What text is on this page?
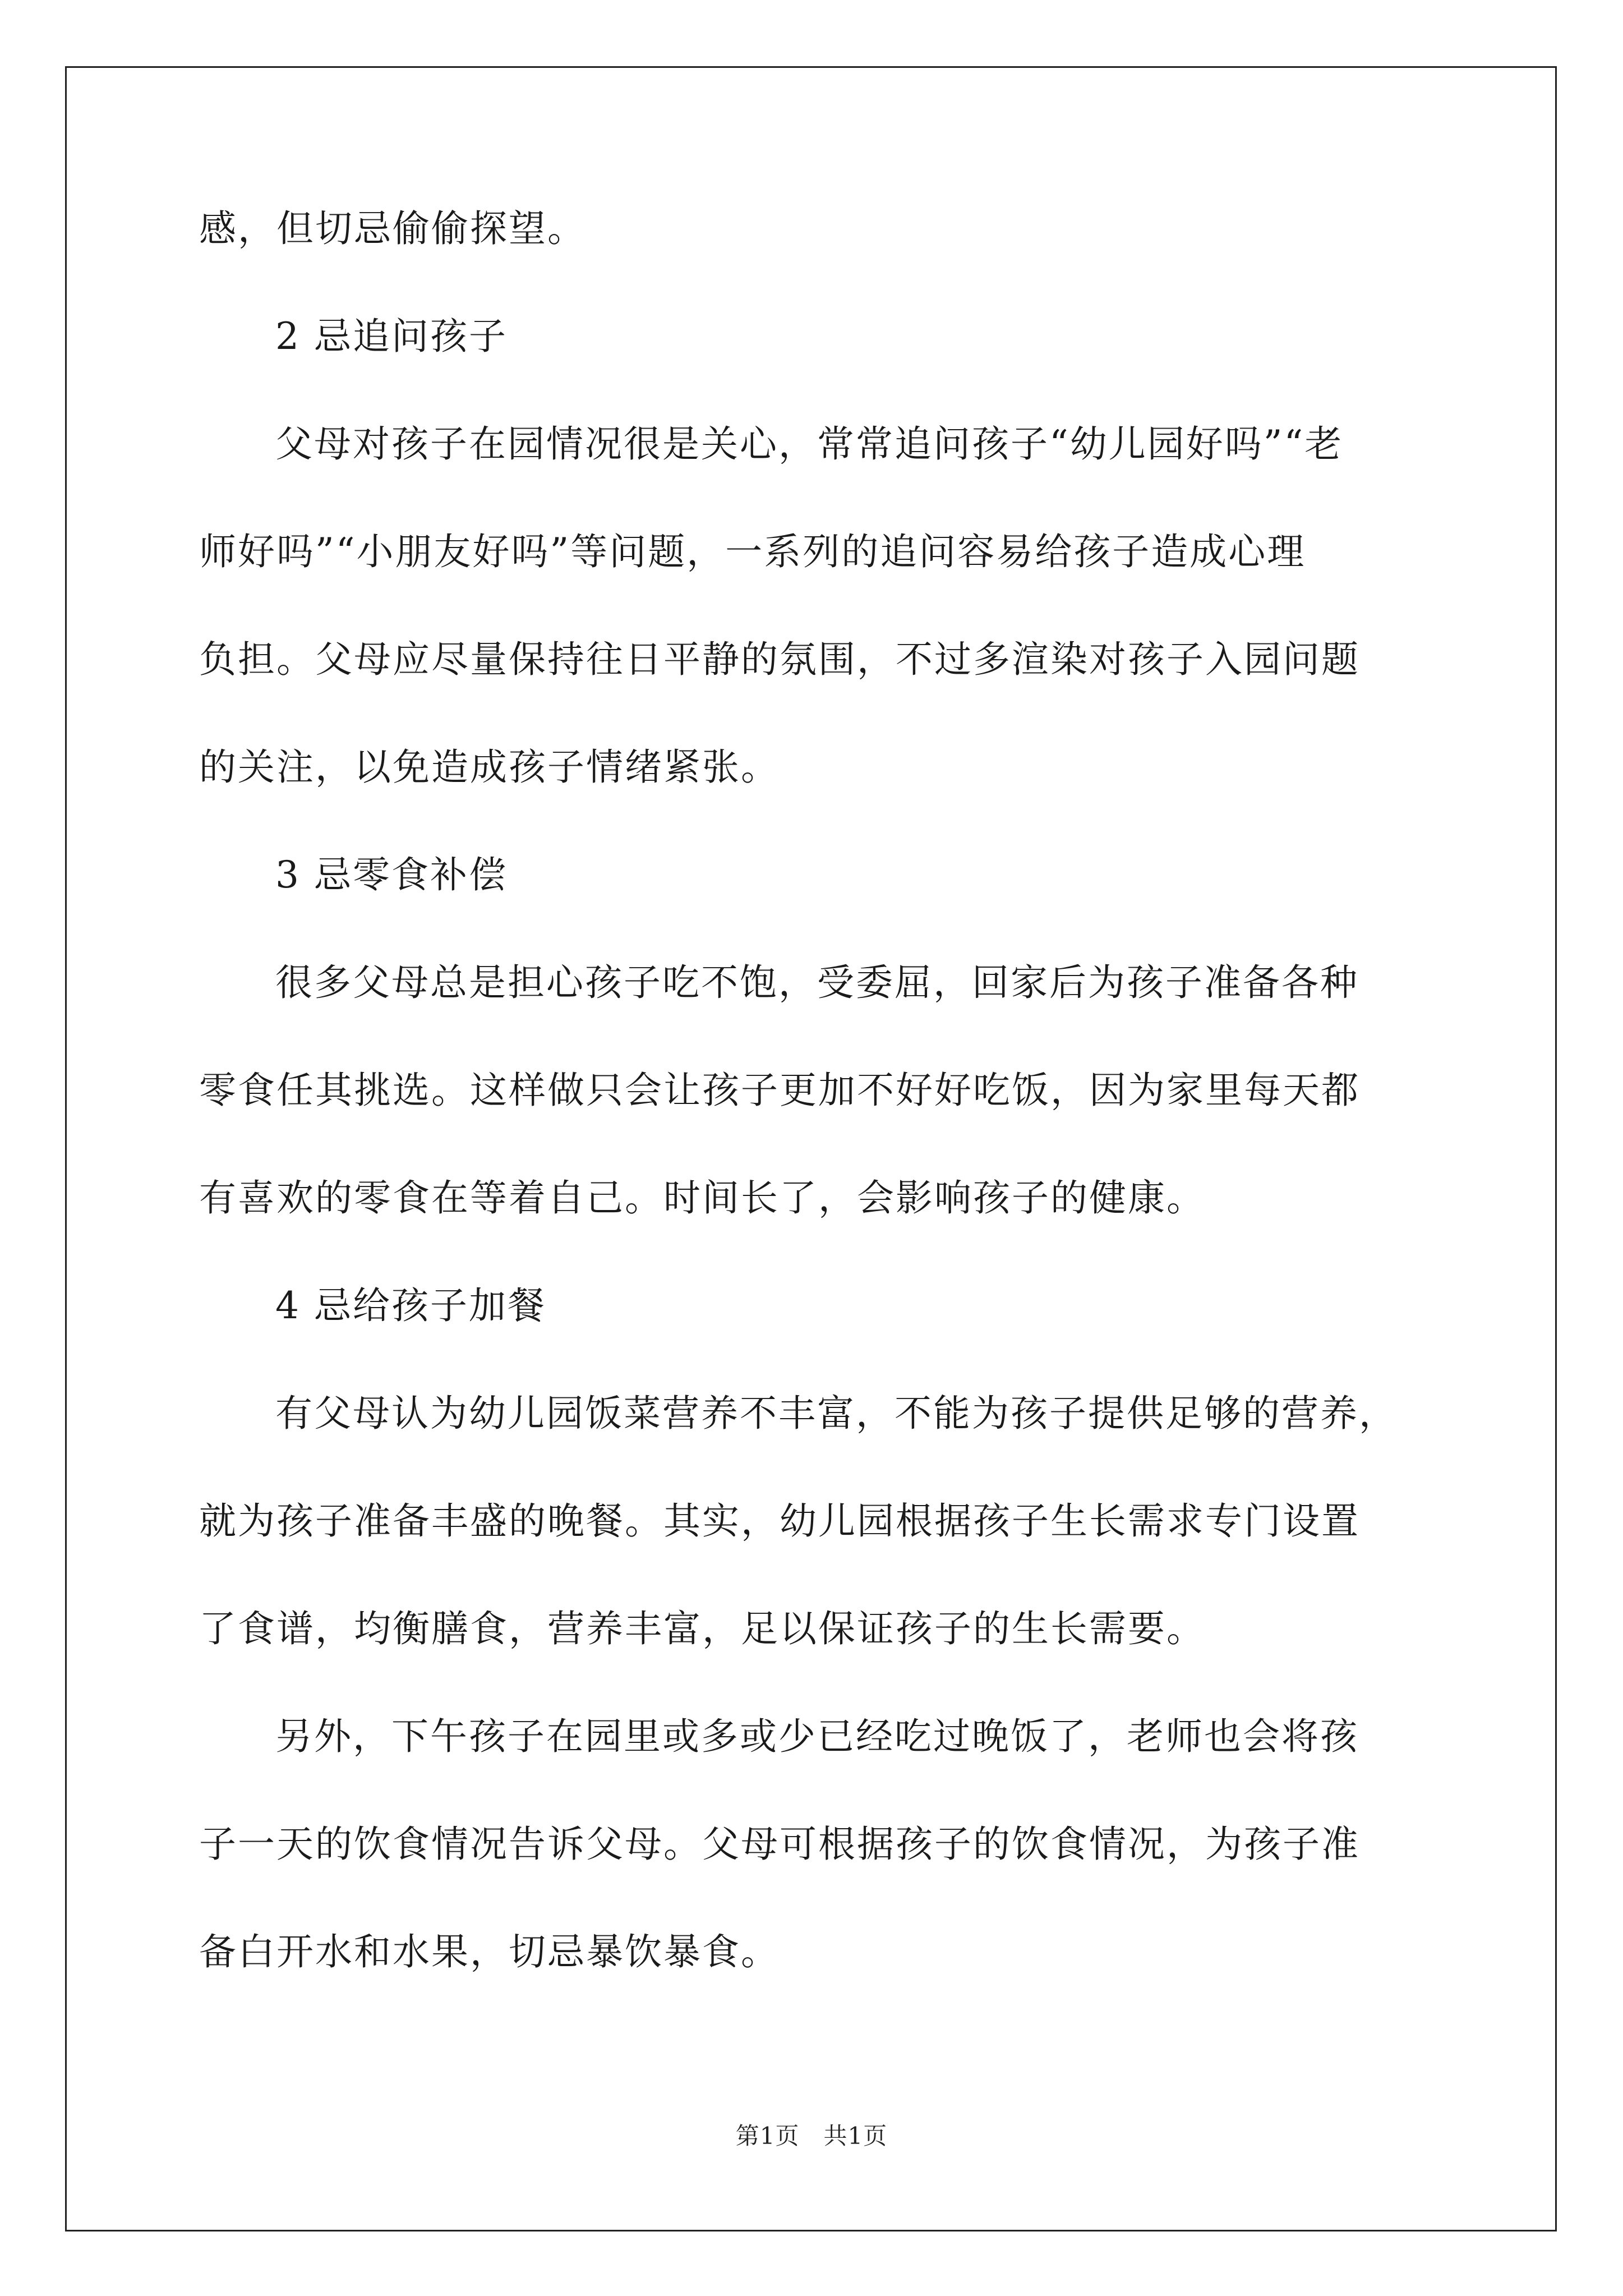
感，但切忌偷偷探望。
2 忌追问孩子
父母对孩子在园情况很是关心，常常追问孩子“幼儿园好吗”“老
师好吗”“小朋友好吗”等问题，一系列的追问容易给孩子造成心理
负担。父母应尽量保持往日平静的氛围，不过多渲染对孩子入园问题
的关注，以免造成孩子情绪紧张。
3 忌零食补偿
很多父母总是担心孩子吃不饱，受委屈，回家后为孩子准备各种
零食任其挑选。这样做只会让孩子更加不好好吃饭，因为家里每天都
有喜欢的零食在等着自己。时间长了，会影响孩子的健康。
4 忌给孩子加餐
有父母认为幼儿园饭菜营养不丰富，不能为孩子提供足够的营养，
就为孩子准备丰盛的晚餐。其实，幼儿园根据孩子生长需求专门设置
了食谱，均衡膳食，营养丰富，足以保证孩子的生长需要。
另外，下午孩子在园里或多或少已经吃过晚饭了，老师也会将孩
子一天的饮食情况告诉父母。父母可根据孩子的饮食情况，为孩子准
备白开水和水果，切忌暴饮暴食。
第1页　共1页
